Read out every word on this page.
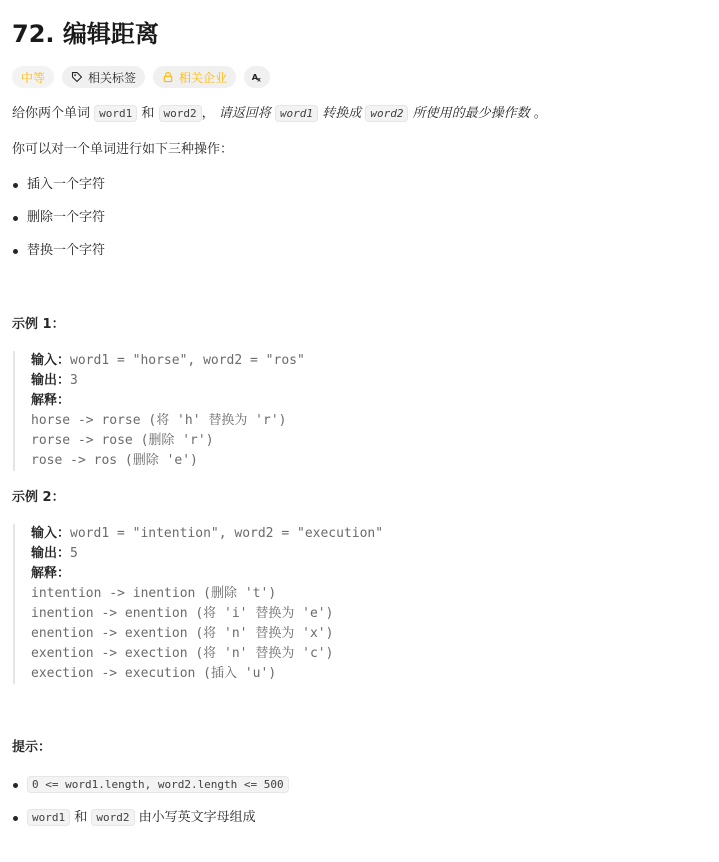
72. 编辑距离
中等	相关标签	相关企业 A
x

给你两个单词 word1 和 word2 ， 请返回将 word1 转换成 word2 所使用的最少操作数 。

你可以对一个单词进行如下三种操作：

插入一个字符
删除一个字符
替换一个字符

示例 1：

输入：word1 = "horse", word2 = "ros"
输出：3
解释：
horse -> rorse (将 'h' 替换为 'r')
rorse -> rose (删除 'r')
rose -> ros (删除 'e')

示例 2：

输入：word1 = "intention", word2 = "execution"
输出：5
解释：
intention -> inention (删除 't')
inention -> enention (将 'i' 替换为 'e')
enention -> exention (将 'n' 替换为 'x')
exention -> exection (将 'n' 替换为 'c')
exection -> execution (插入 'u')

提示：

0 <= word1.length, word2.length <= 500
word1 和 word2 由小写英文字母组成
